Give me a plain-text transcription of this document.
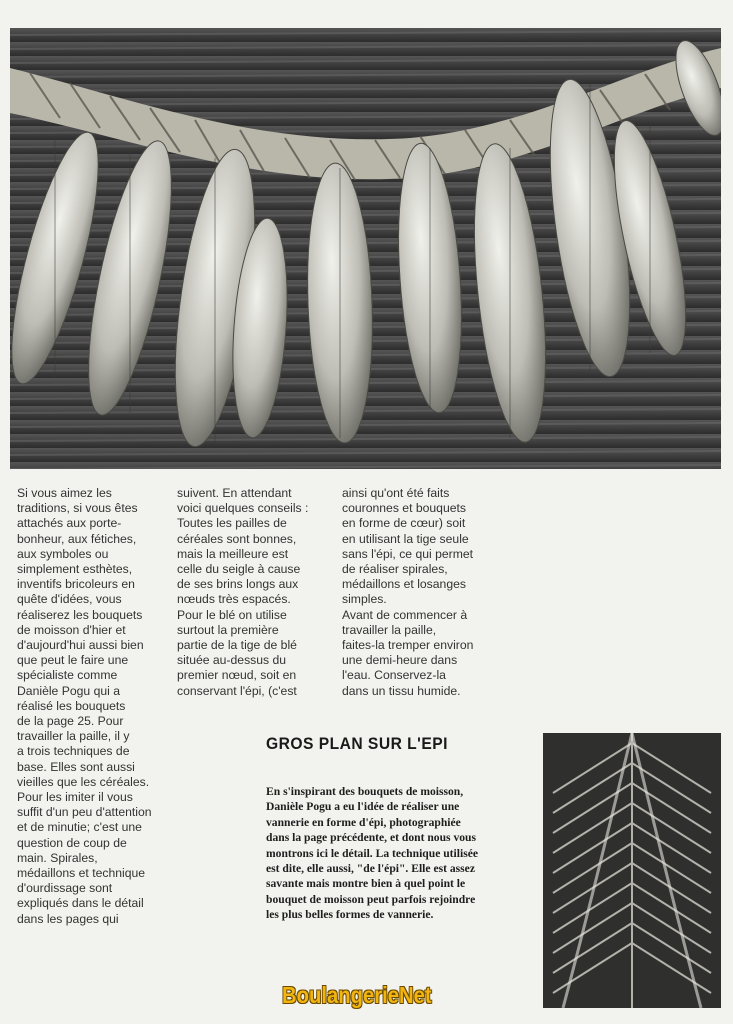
Si vous aimez les
traditions, si vous êtes
attachés aux porte-
bonheur, aux fétiches,
aux symboles ou
simplement esthètes,
inventifs bricoleurs en
quête d'idées, vous
réaliserez les bouquets
de moisson d'hier et
d'aujourd'hui aussi bien
que peut le faire une
spécialiste comme
Danièle Pogu qui a
réalisé les bouquets
de la page 25. Pour
travailler la paille, il y
a trois techniques de
base. Elles sont aussi
vieilles que les céréales.
Pour les imiter il vous
suffit d'un peu d'attention
et de minutie; c'est une
question de coup de
main. Spirales,
médaillons et technique
d'ourdissage sont
expliqués dans le détail
dans les pages qui
suivent. En attendant
voici quelques conseils :
Toutes les pailles de
céréales sont bonnes,
mais la meilleure est
celle du seigle à cause
de ses brins longs aux
nœuds très espacés.
Pour le blé on utilise
surtout la première
partie de la tige de blé
située au-dessus du
premier nœud, soit en
conservant l'épi, (c'est
ainsi qu'ont été faits
couronnes et bouquets
en forme de cœur) soit
en utilisant la tige seule
sans l'épi, ce qui permet
de réaliser spirales,
médaillons et losanges
simples.
Avant de commencer à
travailler la paille,
faites-la tremper environ
une demi-heure dans
l'eau. Conservez-la
dans un tissu humide.
GROS PLAN SUR L'EPI
En s'inspirant des bouquets de moisson,
Danièle Pogu a eu l'idée de réaliser une
vannerie en forme d'épi, photographiée
dans la page précédente, et dont nous vous
montrons ici le détail. La technique utilisée
est dite, elle aussi, "de l'épi". Elle est assez
savante mais montre bien à quel point le
bouquet de moisson peut parfois rejoindre
les plus belles formes de vannerie.
BoulangerieNet
